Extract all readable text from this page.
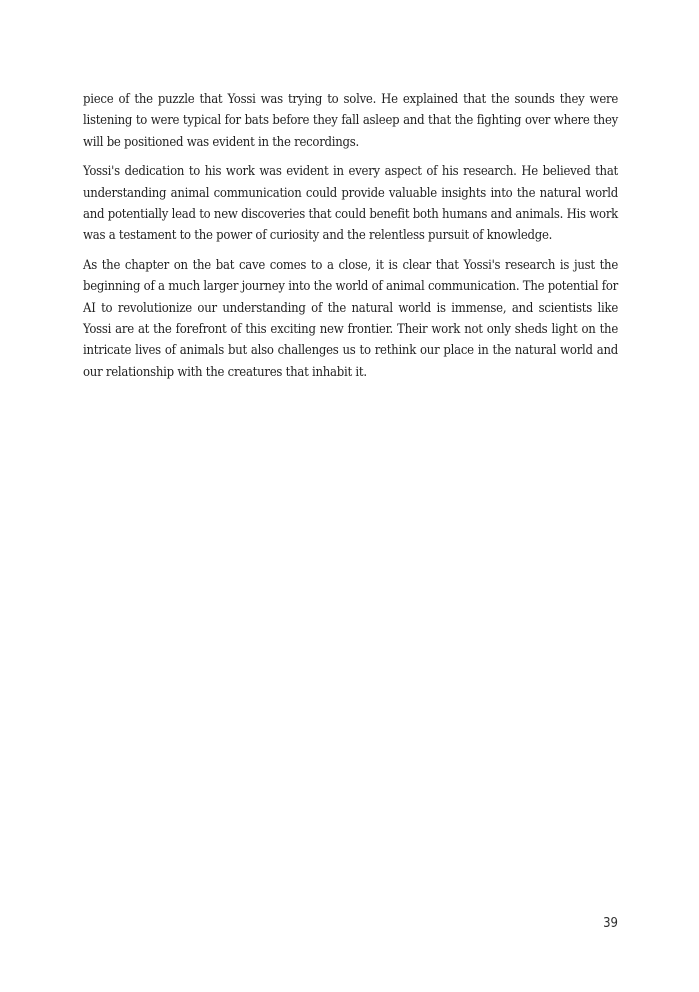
piece of the puzzle that Yossi was trying to solve. He explained that the sounds they were listening to were typical for bats before they fall asleep and that the fighting over where they will be positioned was evident in the recordings.

Yossi's dedication to his work was evident in every aspect of his research. He believed that understanding animal communication could provide valuable insights into the natural world and potentially lead to new discoveries that could benefit both humans and animals. His work was a testament to the power of curiosity and the relentless pursuit of knowledge.

As the chapter on the bat cave comes to a close, it is clear that Yossi's research is just the beginning of a much larger journey into the world of animal communication. The potential for AI to revolutionize our understanding of the natural world is immense, and scientists like Yossi are at the forefront of this exciting new frontier. Their work not only sheds light on the intricate lives of animals but also challenges us to rethink our place in the natural world and our relationship with the creatures that inhabit it.

39
